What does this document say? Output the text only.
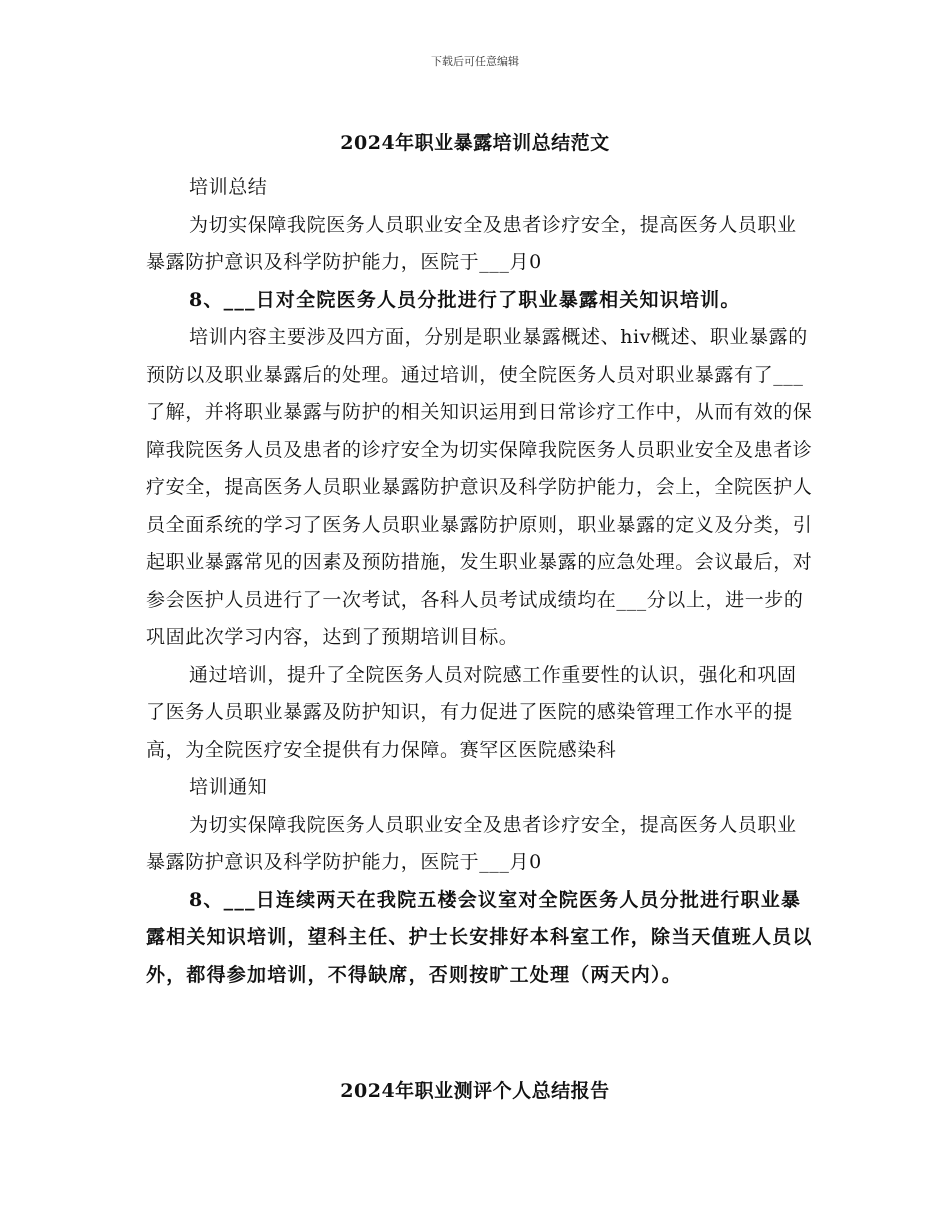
下载后可任意编辑
2024年职业暴露培训总结范文

培训总结

为切实保障我院医务人员职业安全及患者诊疗安全，提高医务人员职业暴露防护意识及科学防护能力，医院于___月0

8、___日对全院医务人员分批进行了职业暴露相关知识培训。

培训内容主要涉及四方面，分别是职业暴露概述、hiv概述、职业暴露的预防以及职业暴露后的处理。通过培训，使全院医务人员对职业暴露有了___了解，并将职业暴露与防护的相关知识运用到日常诊疗工作中，从而有效的保障我院医务人员及患者的诊疗安全为切实保障我院医务人员职业安全及患者诊疗安全，提高医务人员职业暴露防护意识及科学防护能力，会上，全院医护人员全面系统的学习了医务人员职业暴露防护原则，职业暴露的定义及分类，引起职业暴露常见的因素及预防措施，发生职业暴露的应急处理。会议最后，对参会医护人员进行了一次考试，各科人员考试成绩均在___分以上，进一步的巩固此次学习内容，达到了预期培训目标。

通过培训，提升了全院医务人员对院感工作重要性的认识，强化和巩固了医务人员职业暴露及防护知识，有力促进了医院的感染管理工作水平的提高，为全院医疗安全提供有力保障。赛罕区医院感染科

培训通知

为切实保障我院医务人员职业安全及患者诊疗安全，提高医务人员职业暴露防护意识及科学防护能力，医院于___月0

8、___日连续两天在我院五楼会议室对全院医务人员分批进行职业暴露相关知识培训，望科主任、护士长安排好本科室工作，除当天值班人员以外，都得参加培训，不得缺席，否则按旷工处理（两天内）。

2024年职业测评个人总结报告
